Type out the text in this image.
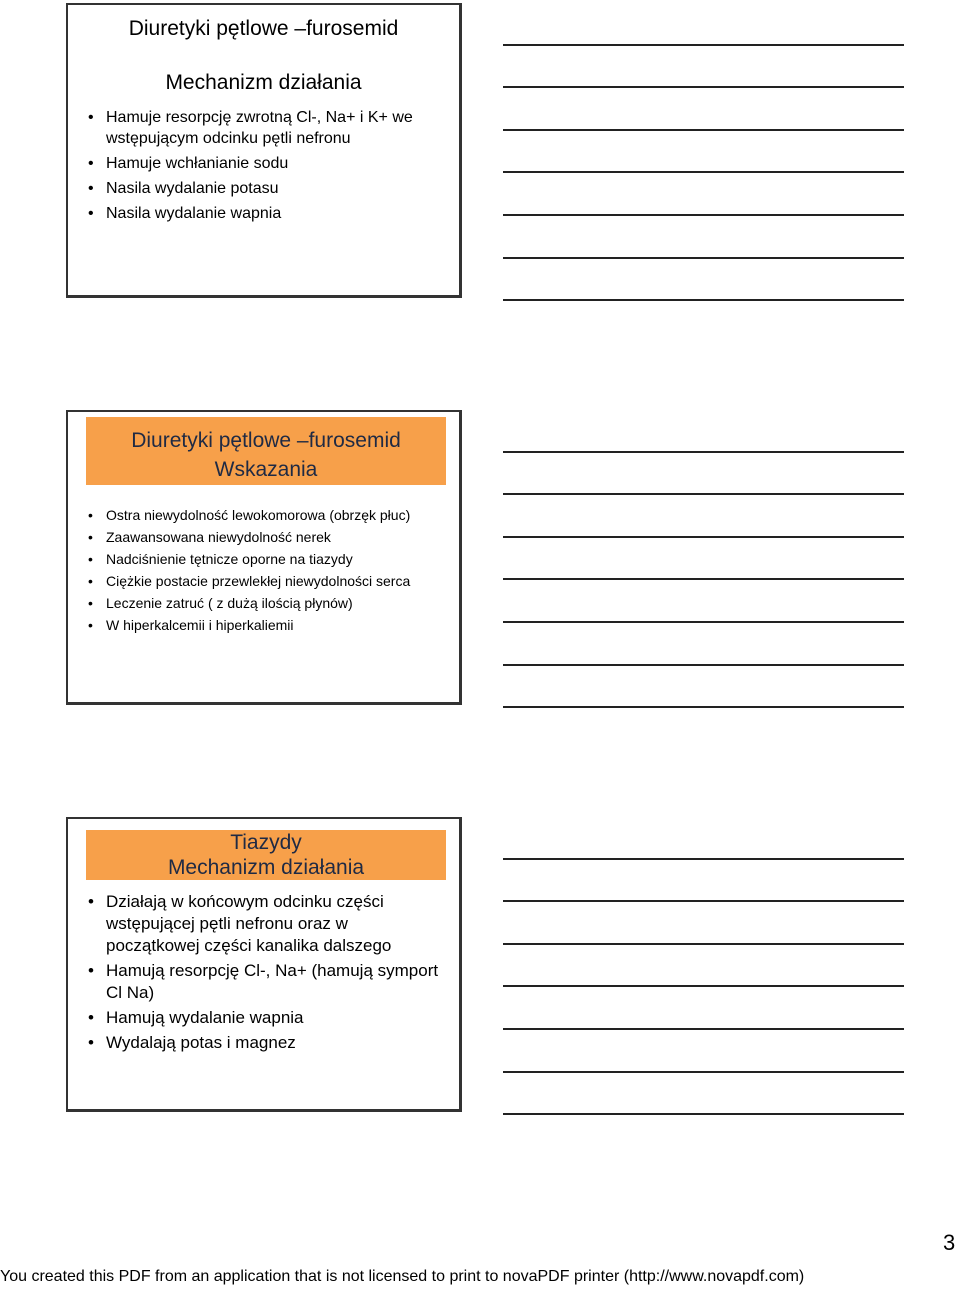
Diuretyki pętlowe –furosemid
Mechanizm działania
• Hamuje resorpcję zwrotną Cl-, Na+ i K+ we wstępującym odcinku pętli nefronu
• Hamuje wchłanianie sodu
• Nasila wydalanie potasu
• Nasila wydalanie wapnia
Diuretyki pętlowe –furosemid
Wskazania
• Ostra niewydolność lewokomorowa (obrzęk płuc)
• Zaawansowana niewydolność nerek
• Nadciśnienie tętnicze oporne na tiazydy
• Ciężkie postacie przewlekłej niewydolności serca
• Leczenie zatruć ( z dużą ilością płynów)
• W hiperkalcemii i hiperkaliemii
Tiazydy
Mechanizm działania
• Działają w końcowym odcinku części wstępującej pętli nefronu oraz w początkowej części kanalika dalszego
• Hamują resorpcję Cl-, Na+ (hamują symport Cl Na)
• Hamują wydalanie wapnia
• Wydalają potas i magnez
3
You created this PDF from an application that is not licensed to print to novaPDF printer (http://www.novapdf.com)
